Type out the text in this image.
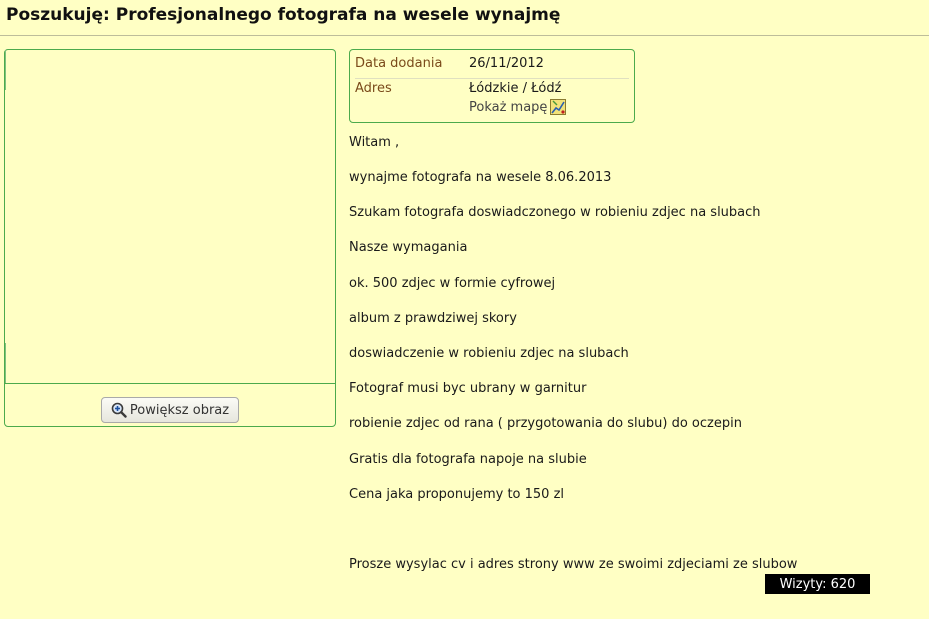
Poszukuję: Profesjonalnego fotografa na wesele wynajmę
Powiększ obraz
Data dodania 26/11/2012
Adres	Łódzkie / Łódź
Pokaż mapę
Witam ,
wynajme fotografa na wesele 8.06.2013
Szukam fotografa doswiadczonego w robieniu zdjec na slubach
Nasze wymagania
ok. 500 zdjec w formie cyfrowej
album z prawdziwej skory
doswiadczenie w robieniu zdjec na slubach
Fotograf musi byc ubrany w garnitur
robienie zdjec od rana ( przygotowania do slubu) do oczepin
Gratis dla fotografa napoje na slubie
Cena jaka proponujemy to 150 zl
Prosze wysylac cv i adres strony www ze swoimi zdjeciami ze slubow
Wizyty: 620
